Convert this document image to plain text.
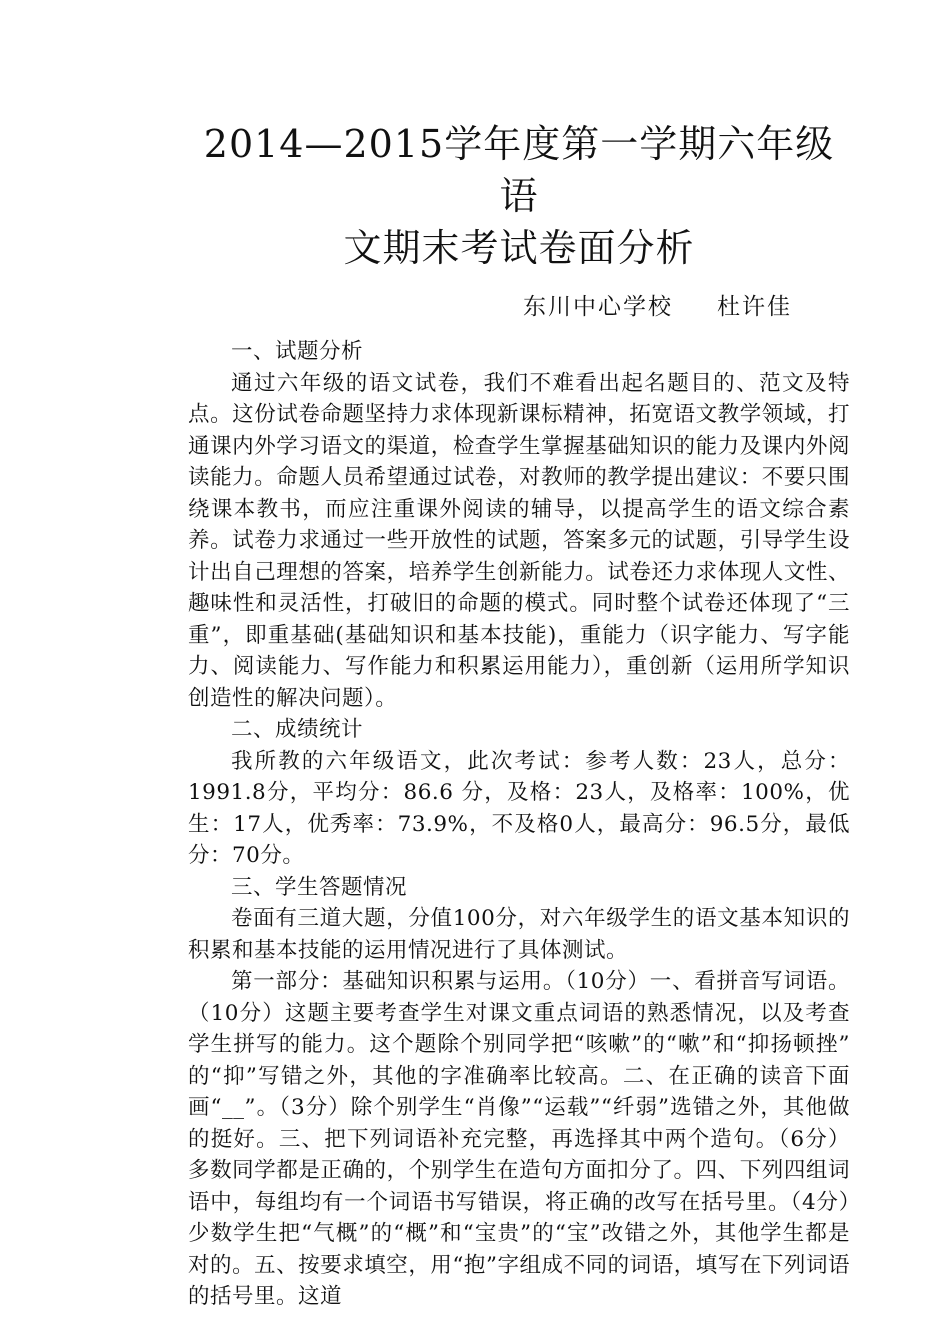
2014—2015学年度第一学期六年级语
文期末考试卷面分析
东川中心学校 杜许佳

一、试题分析

通过六年级的语文试卷，我们不难看出起名题目的、范文及特点。这份试卷命题坚持力求体现新课标精神，拓宽语文教学领域，打通课内外学习语文的渠道，检查学生掌握基础知识的能力及课内外阅读能力。命题人员希望通过试卷，对教师的教学提出建议：不要只围绕课本教书，而应注重课外阅读的辅导，以提高学生的语文综合素养。试卷力求通过一些开放性的试题，答案多元的试题，引导学生设计出自己理想的答案，培养学生创新能力。试卷还力求体现人文性、趣味性和灵活性，打破旧的命题的模式。同时整个试卷还体现了“三重”，即重基础(基础知识和基本技能)，重能力（识字能力、写字能力、阅读能力、写作能力和积累运用能力），重创新（运用所学知识创造性的解决问题）。

二、成绩统计

我所教的六年级语文，此次考试：参考人数：23人，总分：1991.8分，平均分：86.6 分，及格：23人，及格率：100%，优生：17人，优秀率：73.9%，不及格0人，最高分：96.5分，最低分：70分。

三、学生答题情况

卷面有三道大题，分值100分，对六年级学生的语文基本知识的积累和基本技能的运用情况进行了具体测试。

第一部分：基础知识积累与运用。（10分）一、看拼音写词语。（10分）这题主要考查学生对课文重点词语的熟悉情况，以及考查学生拼写的能力。这个题除个别同学把“咳嗽”的“嗽”和“抑扬顿挫” 的“抑”写错之外，其他的字准确率比较高。二、在正确的读音下面画“__”。（3分）除个别学生“肖像”“运载”“纤弱”选错之外，其他做的挺好。三、把下列词语补充完整，再选择其中两个造句。（6分）多数同学都是正确的，个别学生在造句方面扣分了。四、下列四组词语中，每组均有一个词语书写错误，将正确的改写在括号里。（4分）少数学生把“气概”的“概”和“宝贵”的“宝”改错之外，其他学生都是对的。五、按要求填空，用“抱”字组成不同的词语，填写在下列词语的括号里。这道
